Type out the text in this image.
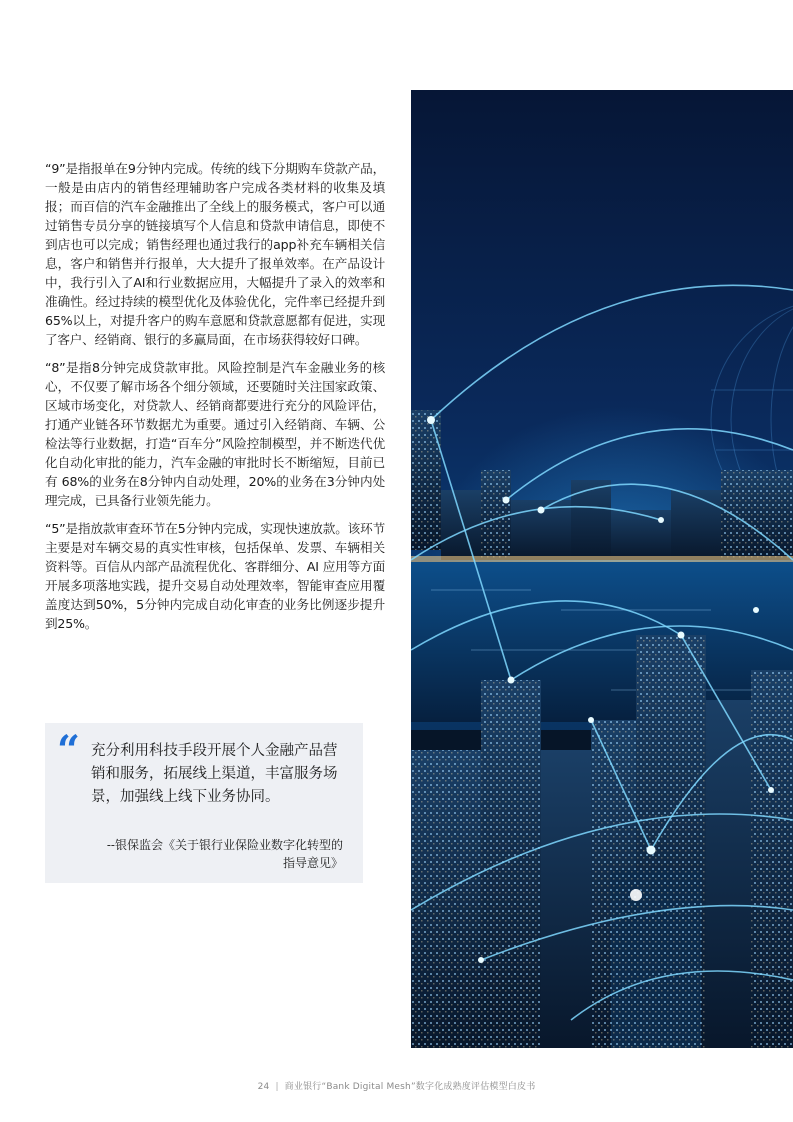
“9”是指报单在9分钟内完成。传统的线下分期购车贷款产品，一般是由店内的销售经理辅助客户完成各类材料的收集及填报；而百信的汽车金融推出了全线上的服务模式，客户可以通过销售专员分享的链接填写个人信息和贷款申请信息，即使不到店也可以完成；销售经理也通过我行的app补充车辆相关信息，客户和销售并行报单，大大提升了报单效率。在产品设计中，我行引入了AI和行业数据应用，大幅提升了录入的效率和准确性。经过持续的模型优化及体验优化，完件率已经提升到65%以上，对提升客户的购车意愿和贷款意愿都有促进，实现了客户、经销商、银行的多赢局面，在市场获得较好口碑。

“8”是指8分钟完成贷款审批。风险控制是汽车金融业务的核心，不仅要了解市场各个细分领域，还要随时关注国家政策、区域市场变化，对贷款人、经销商都要进行充分的风险评估，打通产业链各环节数据尤为重要。通过引入经销商、车辆、公检法等行业数据，打造“百车分”风险控制模型，并不断迭代优化自动化审批的能力，汽车金融的审批时长不断缩短，目前已有 68%的业务在8分钟内自动处理，20%的业务在3分钟内处理完成，已具备行业领先能力。

“5”是指放款审查环节在5分钟内完成，实现快速放款。该环节主要是对车辆交易的真实性审核，包括保单、发票、车辆相关资料等。百信从内部产品流程优化、客群细分、AI 应用等方面开展多项落地实践，提升交易自动处理效率，智能审查应用覆盖度达到50%，5分钟内完成自动化审查的业务比例逐步提升到25%。

“ 充分利用科技手段开展个人金融产品营销和服务，拓展线上渠道，丰富服务场景，加强线上线下业务协同。
--银保监会《关于银行业保险业数字化转型的指导意见》
24 | 商业银行“Bank Digital Mesh”数字化成熟度评估模型白皮书
